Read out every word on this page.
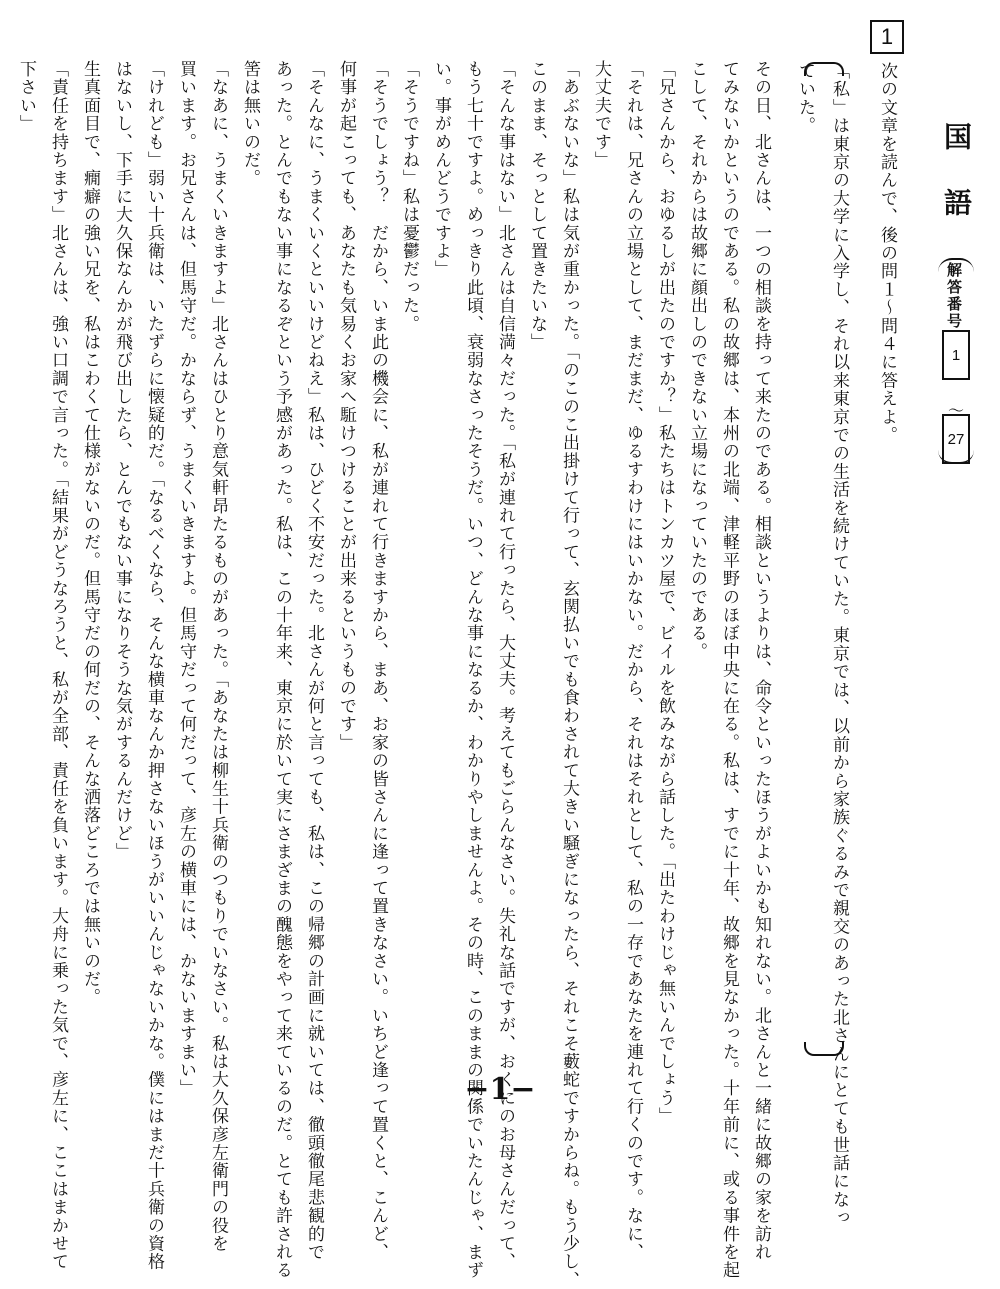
1
国語
解答番号
1
〜
27
次の文章を読んで、後の問１〜問４に答えよ。
「私」は東京の大学に入学し、それ以来東京での生活を続けていた。東京では、以前から家族ぐるみで親交のあった北さんにとても世話になっ
ていた。
その日、北さんは、一つの相談を持って来たのである。相談というよりは、命令といったほうがよいかも知れない。北さんと一緒に故郷の家を訪れ
てみないかというのである。私の故郷は、本州の北端、津軽平野のほぼ中央に在る。私は、すでに十年、故郷を見なかった。十年前に、或る事件を起
こして、それからは故郷に顔出しのできない立場になっていたのである。
「兄さんから、おゆるしが出たのですか？」私たちはトンカツ屋で、ビイルを飲みながら話した。「出たわけじゃ無いんでしょう」
「それは、兄さんの立場として、まだまだ、ゆるすわけにはいかない。だから、それはそれとして、私の一存であなたを連れて行くのです。なに、
大丈夫です」
「あぶないな」私は気が重かった。「のこのこ出掛けて行って、玄関払いでも食わされて大きい騒ぎになったら、それこそ藪蛇ですからね。もう少し、
このまま、そっとして置きたいな」
「そんな事はない」北さんは自信満々だった。「私が連れて行ったら、大丈夫。考えてもごらんなさい。失礼な話ですが、おくにのお母さんだって、
もう七十ですよ。めっきり此頃、衰弱なさったそうだ。いつ、どんな事になるか、わかりやしませんよ。その時、このままの関係でいたんじゃ、まず
い。事がめんどうですよ」
「そうですね」私は憂鬱だった。
「そうでしょう？　だから、いま此の機会に、私が連れて行きますから、まあ、お家の皆さんに逢って置きなさい。いちど逢って置くと、こんど、
何事が起こっても、あなたも気易くお家へ駈けつけることが出来るというものです」
「そんなに、うまくいくといいけどねえ」私は、ひどく不安だった。北さんが何と言っても、私は、この帰郷の計画に就いては、徹頭徹尾悲観的で
あった。とんでもない事になるぞという予感があった。私は、この十年来、東京に於いて実にさまざまの醜態をやって来ているのだ。とても許される
筈は無いのだ。
「なあに、うまくいきますよ」北さんはひとり意気軒昂たるものがあった。「あなたは柳生十兵衛のつもりでいなさい。私は大久保彦左衛門の役を
買います。お兄さんは、但馬守だ。かならず、うまくいきますよ。但馬守だって何だって、彦左の横車には、かないますまい」
「けれども」弱い十兵衛は、いたずらに懐疑的だ。「なるべくなら、そんな横車なんか押さないほうがいいんじゃないかな。僕にはまだ十兵衛の資格
はないし、下手に大久保なんかが飛び出したら、とんでもない事になりそうな気がするんだけど」
生真面目で、癇癖の強い兄を、私はこわくて仕様がないのだ。但馬守だの何だの、そんな洒落どころでは無いのだ。
「責任を持ちます」北さんは、強い口調で言った。「結果がどうなろうと、私が全部、責任を負います。大舟に乗った気で、彦左に、ここはまかせて
下さい」
−1−
